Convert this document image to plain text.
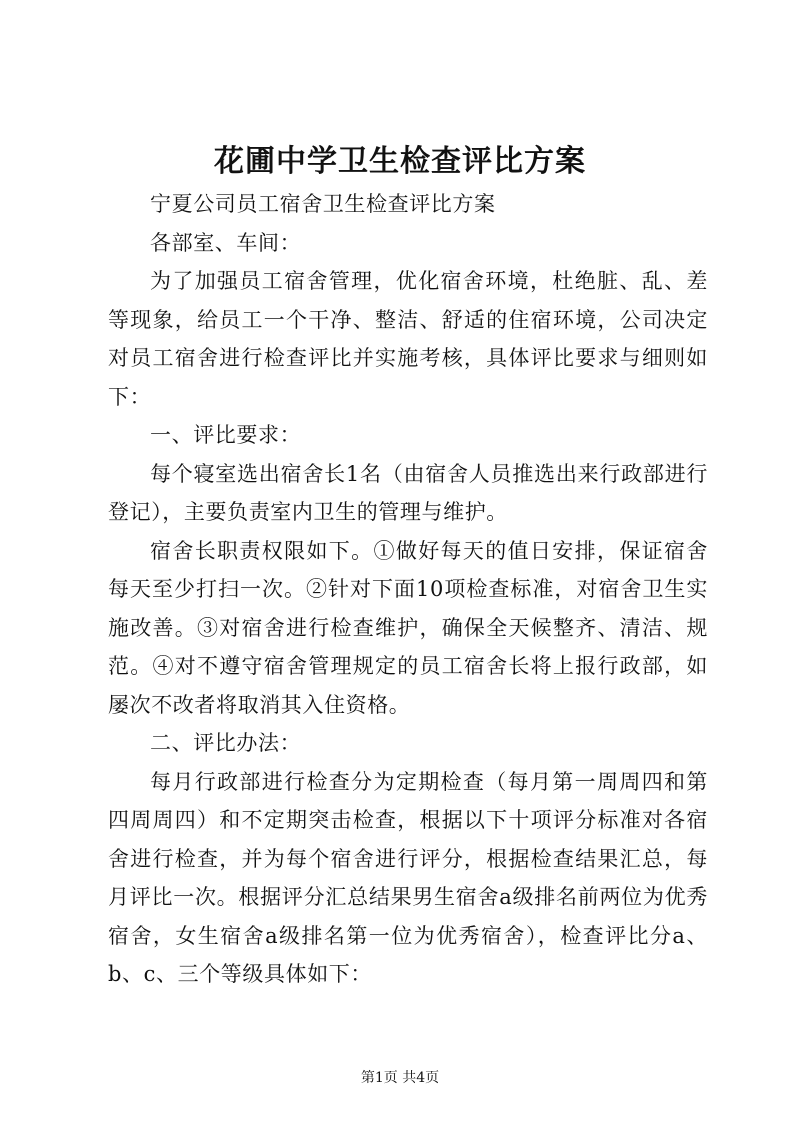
花圃中学卫生检查评比方案

宁夏公司员工宿舍卫生检查评比方案

各部室、车间：

为了加强员工宿舍管理，优化宿舍环境，杜绝脏、乱、差等现象，给员工一个干净、整洁、舒适的住宿环境，公司决定对员工宿舍进行检查评比并实施考核，具体评比要求与细则如下：

一、评比要求：

每个寝室选出宿舍长1名（由宿舍人员推选出来行政部进行登记），主要负责室内卫生的管理与维护。

宿舍长职责权限如下。①做好每天的值日安排，保证宿舍每天至少打扫一次。②针对下面10项检查标准，对宿舍卫生实施改善。③对宿舍进行检查维护，确保全天候整齐、清洁、规范。④对不遵守宿舍管理规定的员工宿舍长将上报行政部，如屡次不改者将取消其入住资格。

二、评比办法：

每月行政部进行检查分为定期检查（每月第一周周四和第四周周四）和不定期突击检查，根据以下十项评分标准对各宿舍进行检查，并为每个宿舍进行评分，根据检查结果汇总，每月评比一次。根据评分汇总结果男生宿舍a级排名前两位为优秀宿舍，女生宿舍a级排名第一位为优秀宿舍），检查评比分a、b、c、三个等级具体如下：

第1页 共4页
